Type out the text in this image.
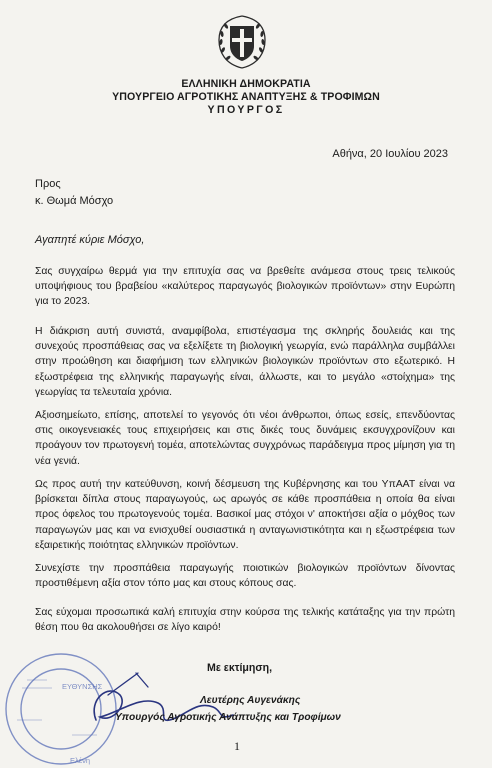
ΕΛΛΗΝΙΚΗ ΔΗΜΟΚΡΑΤΙΑ
ΥΠΟΥΡΓΕΙΟ ΑΓΡΟΤΙΚΗΣ ΑΝΑΠΤΥΞΗΣ & ΤΡΟΦΙΜΩΝ
ΥΠΟΥΡΓΟΣ
Αθήνα, 20 Ιουλίου 2023
Προς
κ. Θωμά Μόσχο
Αγαπητέ κύριε Μόσχο,

Σας συγχαίρω θερμά για την επιτυχία σας να βρεθείτε ανάμεσα στους τρεις τελικούς υποψήφιους του βραβείου «καλύτερος παραγωγός βιολογικών προϊόντων» στην Ευρώπη για το 2023.

Η διάκριση αυτή συνιστά, αναμφίβολα, επιστέγασμα της σκληρής δουλειάς και της συνεχούς προσπάθειας σας να εξελίξετε τη βιολογική γεωργία, ενώ παράλληλα συμβάλλει στην προώθηση και διαφήμιση των ελληνικών βιολογικών προϊόντων στο εξωτερικό. Η εξωστρέφεια της ελληνικής παραγωγής είναι, άλλωστε, και το μεγάλο «στοίχημα» της γεωργίας τα τελευταία χρόνια.

Αξιοσημείωτο, επίσης, αποτελεί το γεγονός ότι νέοι άνθρωποι, όπως εσείς, επενδύοντας στις οικογενειακές τους επιχειρήσεις και στις δικές τους δυνάμεις εκσυγχρονίζουν και προάγουν τον πρωτογενή τομέα, αποτελώντας συγχρόνως παράδειγμα προς μίμηση για τη νέα γενιά.

Ως προς αυτή την κατεύθυνση, κοινή δέσμευση της Κυβέρνησης και του ΥπΑΑΤ είναι να βρίσκεται δίπλα στους παραγωγούς, ως αρωγός σε κάθε προσπάθεια η οποία θα είναι προς όφελος του πρωτογενούς τομέα. Βασικοί μας στόχοι ν' αποκτήσει αξία ο μόχθος των παραγωγών μας και να ενισχυθεί ουσιαστικά η ανταγωνιστικότητα και η εξωστρέφεια των εξαιρετικής ποιότητας ελληνικών προϊόντων.

Συνεχίστε την προσπάθεια παραγωγής ποιοτικών βιολογικών προϊόντων δίνοντας προστιθέμενη αξία στον τόπο μας και στους κόπους σας.

Σας εύχομαι προσωπικά καλή επιτυχία στην κούρσα της τελικής κατάταξης για την πρώτη θέση που θα ακολουθήσει σε λίγο καιρό!

ΕΥΘΥΝΣΗΣ
Ελένη
Με εκτίμηση,
Λευτέρης Αυγενάκης
Υπουργός Αγροτικής Ανάπτυξης και Τροφίμων
1
